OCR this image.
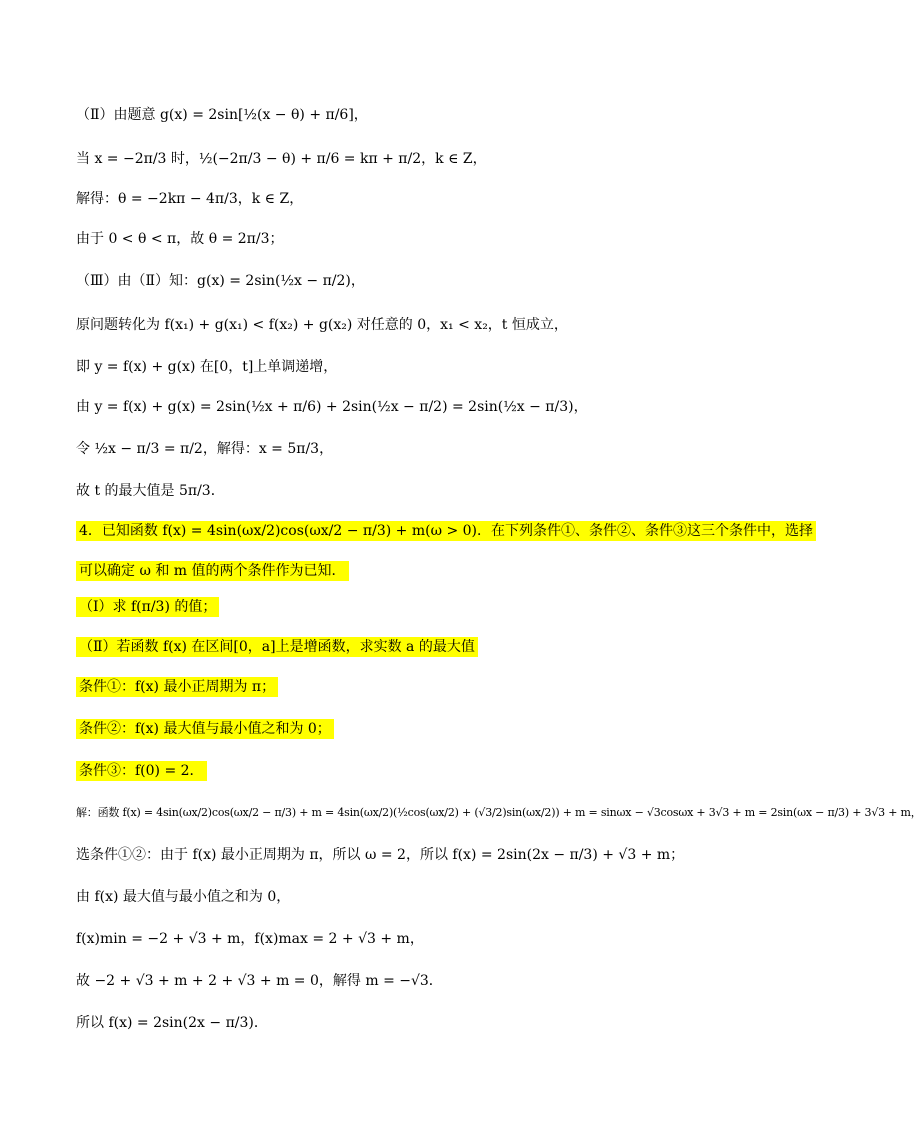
（Ⅱ）由题意 g(x) = 2sin[½(x − θ) + π/6]，
当 x = −2π/3 时，½(−2π/3 − θ) + π/6 = kπ + π/2，k ∈ Z，
解得：θ = −2kπ − 4π/3，k ∈ Z，
由于 0 < θ < π，故 θ = 2π/3；
（Ⅲ）由（Ⅱ）知：g(x) = 2sin(½x − π/2)，
原问题转化为 f(x₁) + g(x₁) < f(x₂) + g(x₂) 对任意的 0，x₁ < x₂，t 恒成立，
即 y = f(x) + g(x) 在[0，t]上单调递增，
由 y = f(x) + g(x) = 2sin(½x + π/6) + 2sin(½x − π/2) = 2sin(½x − π/3)，
令 ½x − π/3 = π/2，解得：x = 5π/3，
故 t 的最大值是 5π/3．
4．已知函数 f(x) = 4sin(ωx/2)cos(ωx/2 − π/3) + m(ω > 0)．在下列条件①、条件②、条件③这三个条件中，选择
可以确定 ω 和 m 值的两个条件作为已知．
（Ⅰ）求 f(π/3) 的值；
（Ⅱ）若函数 f(x) 在区间[0，a]上是增函数，求实数 a 的最大值
条件①：f(x) 最小正周期为 π；
条件②：f(x) 最大值与最小值之和为 0；
条件③：f(0) = 2．
解：函数 f(x) = 4sin(ωx/2)cos(ωx/2 − π/3) + m = 4sin(ωx/2)(½cos(ωx/2) + (√3/2)sin(ωx/2)) + m = sinωx − √3cosωx + 3√3 + m = 2sin(ωx − π/3) + 3√3 + m，
选条件①②：由于 f(x) 最小正周期为 π，所以 ω = 2，所以 f(x) = 2sin(2x − π/3) + √3 + m；
由 f(x) 最大值与最小值之和为 0，
f(x)min = −2 + √3 + m，f(x)max = 2 + √3 + m，
故 −2 + √3 + m + 2 + √3 + m = 0，解得 m = −√3．
所以 f(x) = 2sin(2x − π/3)．
